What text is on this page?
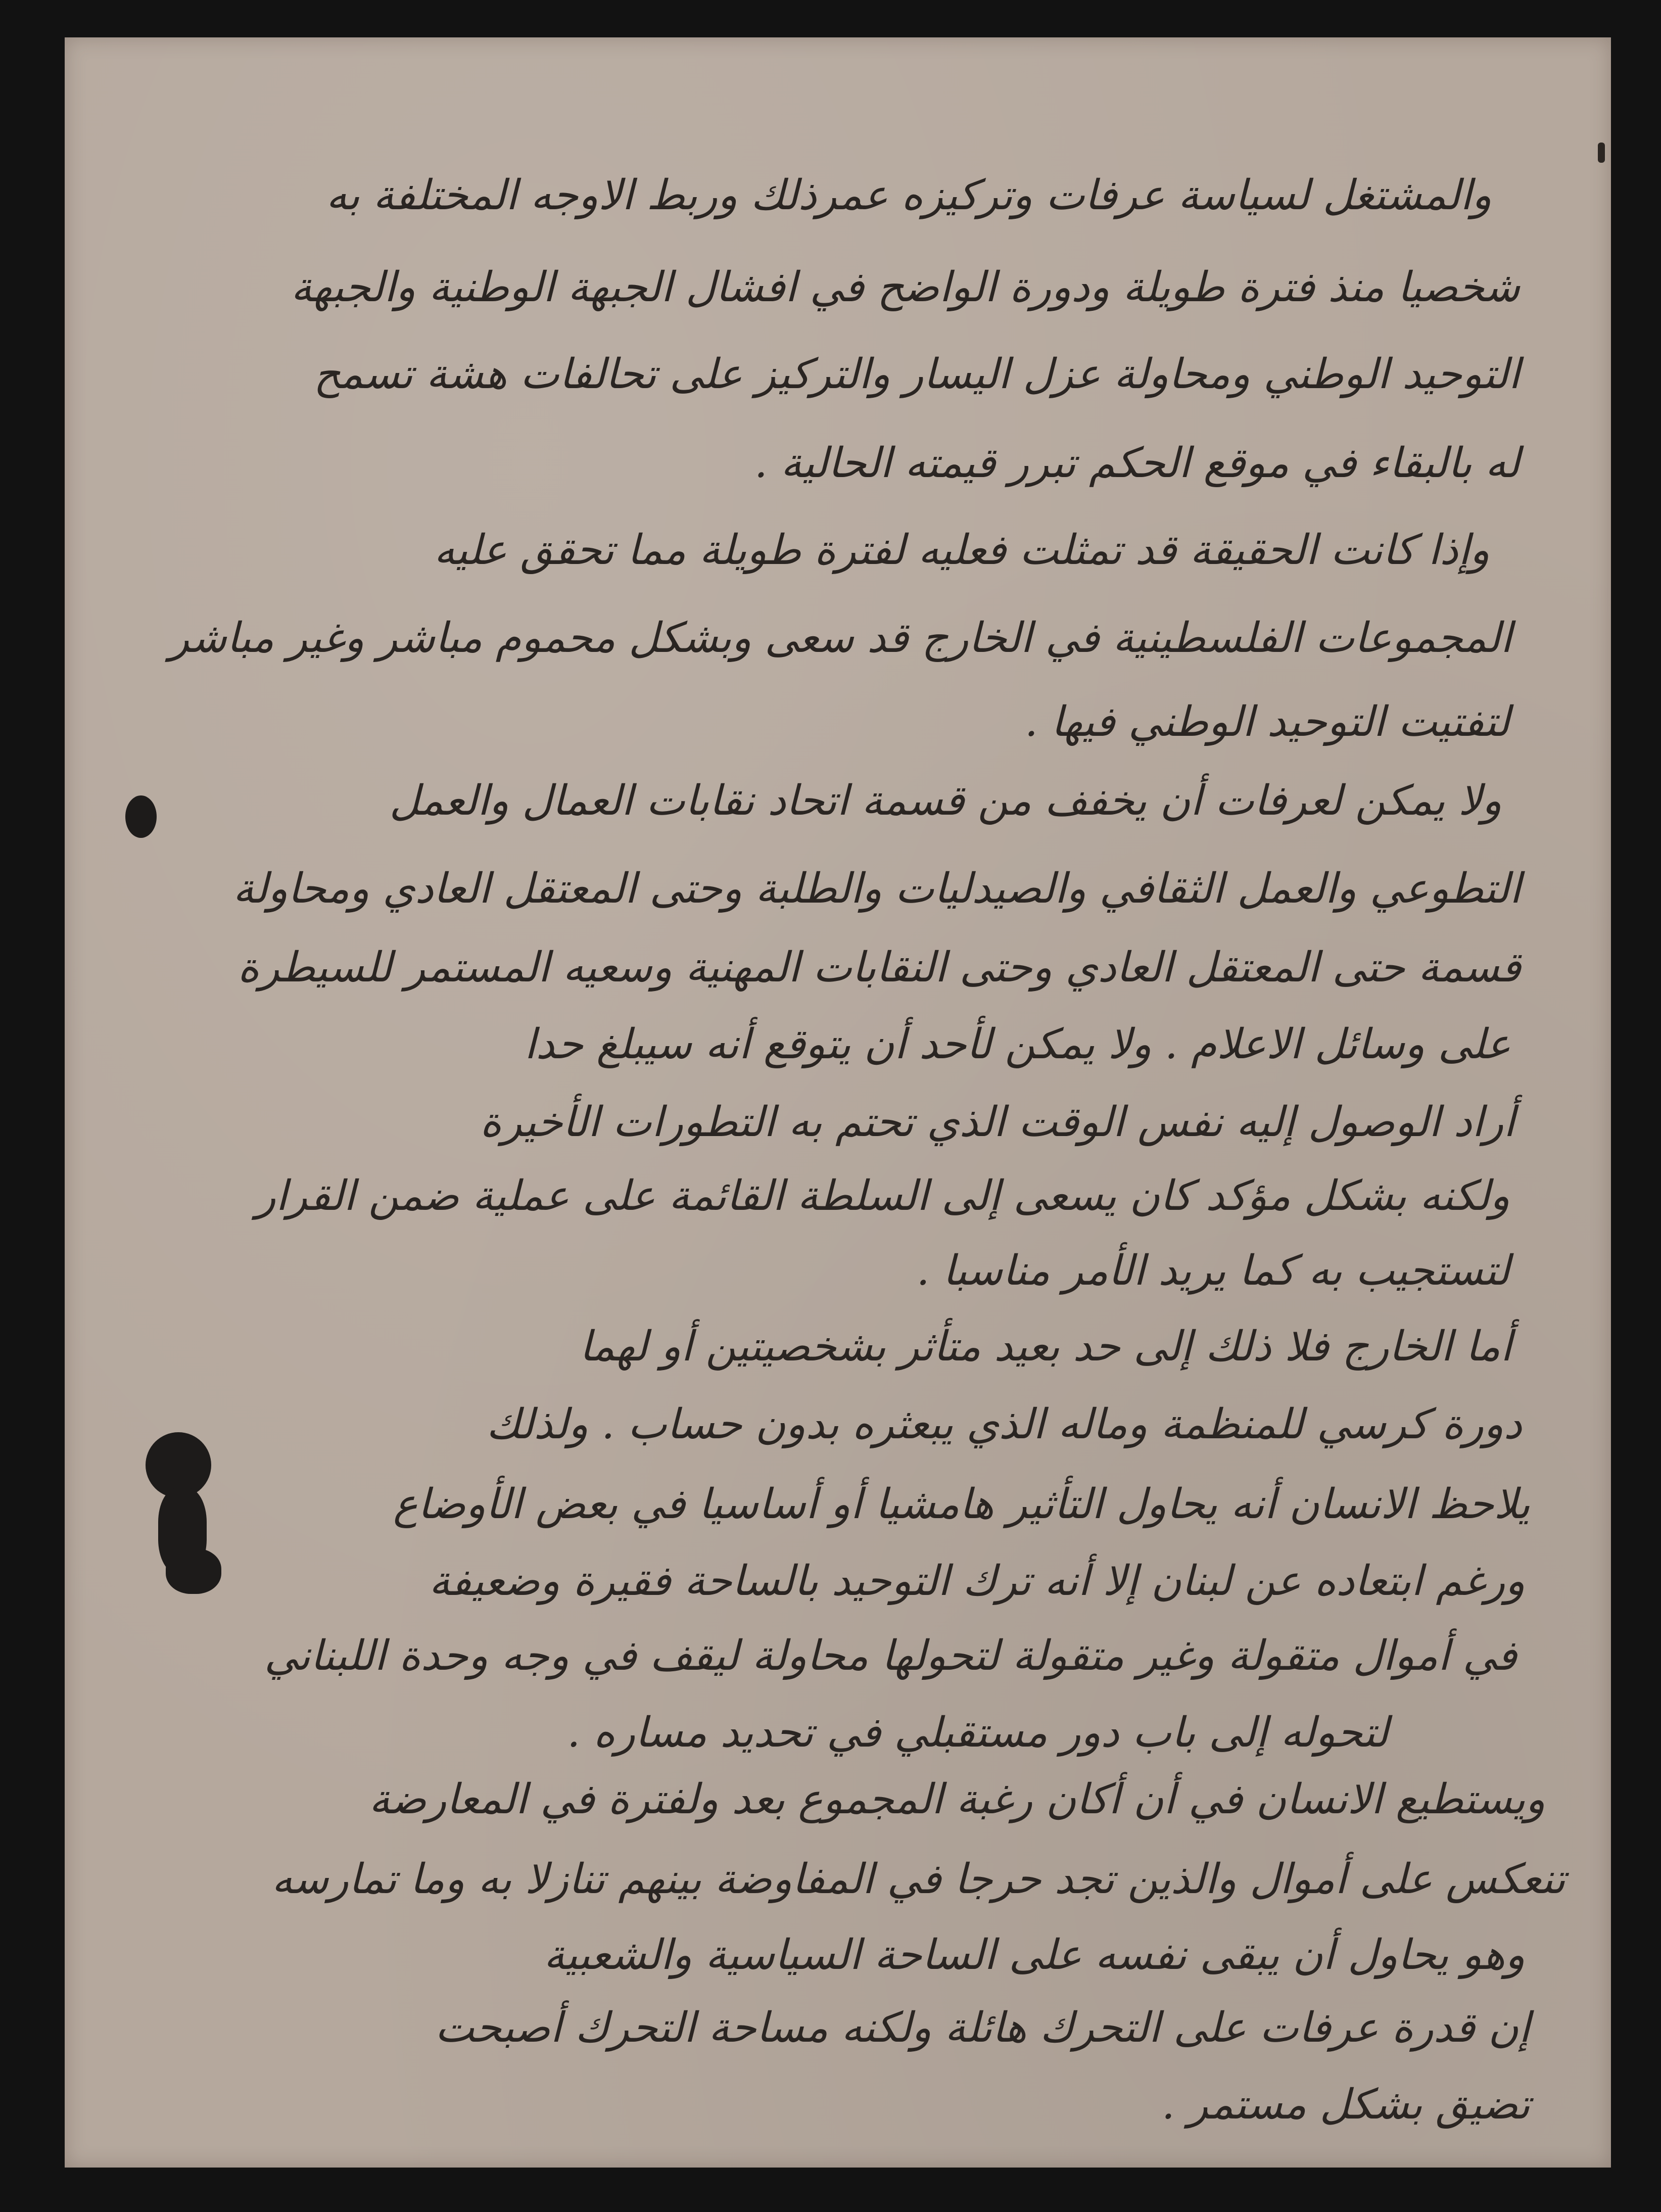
والمشتغل لسياسة عرفات وتركيزه عمرذلك وربط الاوجه المختلفة به
شخصيا منذ فترة طويلة ودورة الواضح في افشال الجبهة الوطنية والجبهة
التوحيد الوطني ومحاولة عزل اليسار والتركيز على تحالفات هشة تسمح
له بالبقاء في موقع الحكم تبرر قيمته الحالية .
وإذا كانت الحقيقة قد تمثلت فعليه لفترة طويلة مما تحقق عليه
المجموعات الفلسطينية في الخارج قد سعى وبشكل محموم مباشر وغير مباشر
لتفتيت التوحيد الوطني فيها .
ولا يمكن لعرفات أن يخفف من قسمة اتحاد نقابات العمال والعمل
التطوعي والعمل الثقافي والصيدليات والطلبة وحتى المعتقل العادي ومحاولة
قسمة حتى المعتقل العادي وحتى النقابات المهنية وسعيه المستمر للسيطرة
على وسائل الاعلام . ولا يمكن لأحد أن يتوقع أنه سيبلغ حدا
أراد الوصول إليه نفس الوقت الذي تحتم به التطورات الأخيرة
ولكنه بشكل مؤكد كان يسعى إلى السلطة القائمة على عملية ضمن القرار
لتستجيب به كما يريد الأمر مناسبا .
أما الخارج فلا ذلك إلى حد بعيد متأثر بشخصيتين أو لهما
دورة كرسي للمنظمة وماله الذي يبعثره بدون حساب . ولذلك
يلاحظ الانسان أنه يحاول التأثير هامشيا أو أساسيا في بعض الأوضاع
ورغم ابتعاده عن لبنان إلا أنه ترك التوحيد بالساحة فقيرة وضعيفة
في أموال متقولة وغير متقولة لتحولها محاولة ليقف في وجه وحدة اللبناني
لتحوله إلى باب دور مستقبلي في تحديد مساره .
ويستطيع الانسان في أن أكان رغبة المجموع بعد ولفترة في المعارضة
تنعكس على أموال والذين تجد حرجا في المفاوضة بينهم تنازلا به وما تمارسه
وهو يحاول أن يبقى نفسه على الساحة السياسية والشعبية
إن قدرة عرفات على التحرك هائلة ولكنه مساحة التحرك أصبحت
تضيق بشكل مستمر .
